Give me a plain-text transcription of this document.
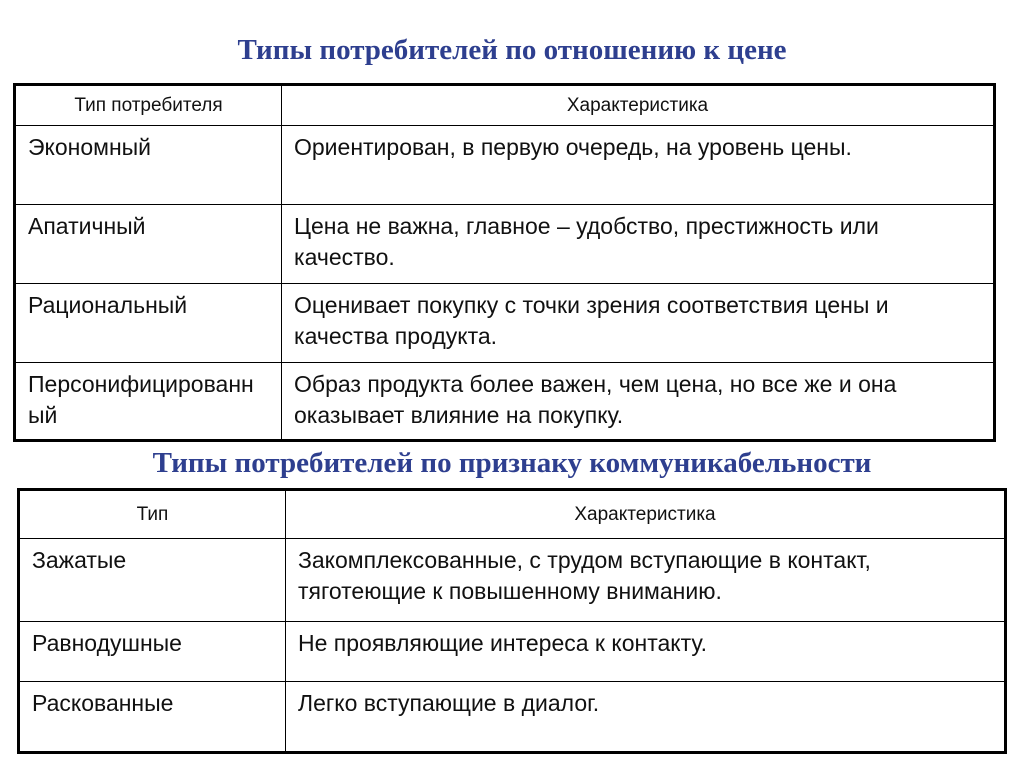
Типы потребителей по отношению к цене
Тип потребителя	Характеристика
Экономный	Ориентирован, в первую очередь, на уровень цены.
Апатичный	Цена не важна, главное – удобство, престижность или качество.
Рациональный	Оценивает покупку с точки зрения соответствия цены и качества продукта.
Персонифицированный	Образ продукта более важен, чем цена, но все же и она оказывает влияние на покупку.
Типы потребителей по признаку коммуникабельности
Тип	Характеристика
Зажатые	Закомплексованные, с трудом вступающие в контакт, тяготеющие к повышенному вниманию.
Равнодушные	Не проявляющие интереса к контакту.
Раскованные	Легко вступающие в диалог.
